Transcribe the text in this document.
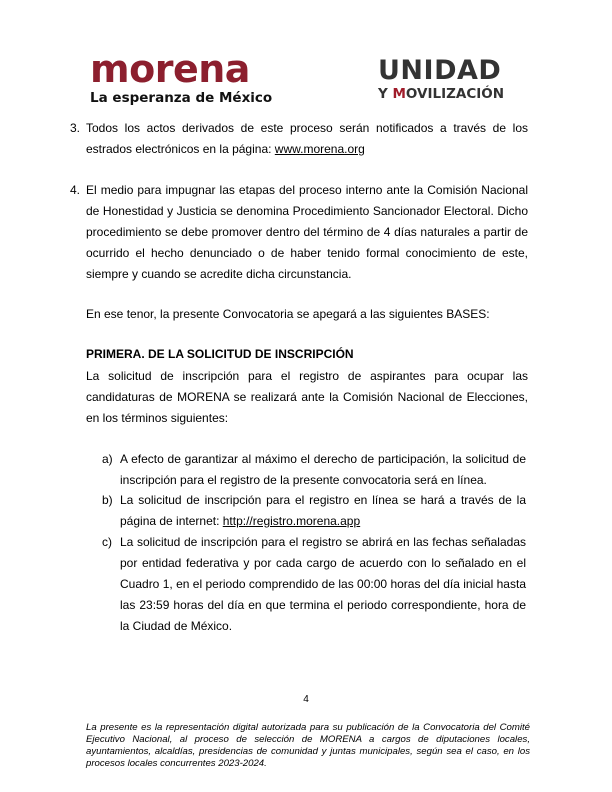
morena
La esperanza de México
UNIDAD
Y MOVILIZACIÓN
3. Todos los actos derivados de este proceso serán notificados a través de los estrados electrónicos en la página: www.morena.org
4. El medio para impugnar las etapas del proceso interno ante la Comisión Nacional de Honestidad y Justicia se denomina Procedimiento Sancionador Electoral. Dicho procedimiento se debe promover dentro del término de 4 días naturales a partir de ocurrido el hecho denunciado o de haber tenido formal conocimiento de este, siempre y cuando se acredite dicha circunstancia.
En ese tenor, la presente Convocatoria se apegará a las siguientes BASES:
PRIMERA. DE LA SOLICITUD DE INSCRIPCIÓN
La solicitud de inscripción para el registro de aspirantes para ocupar las candidaturas de MORENA se realizará ante la Comisión Nacional de Elecciones, en los términos siguientes:
a) A efecto de garantizar al máximo el derecho de participación, la solicitud de inscripción para el registro de la presente convocatoria será en línea.
b) La solicitud de inscripción para el registro en línea se hará a través de la página de internet: http://registro.morena.app
c) La solicitud de inscripción para el registro se abrirá en las fechas señaladas por entidad federativa y por cada cargo de acuerdo con lo señalado en el Cuadro 1, en el periodo comprendido de las 00:00 horas del día inicial hasta las 23:59 horas del día en que termina el periodo correspondiente, hora de la Ciudad de México.
4
La presente es la representación digital autorizada para su publicación de la Convocatoria del Comité Ejecutivo Nacional, al proceso de selección de MORENA a cargos de diputaciones locales, ayuntamientos, alcaldías, presidencias de comunidad y juntas municipales, según sea el caso, en los procesos locales concurrentes 2023-2024.
